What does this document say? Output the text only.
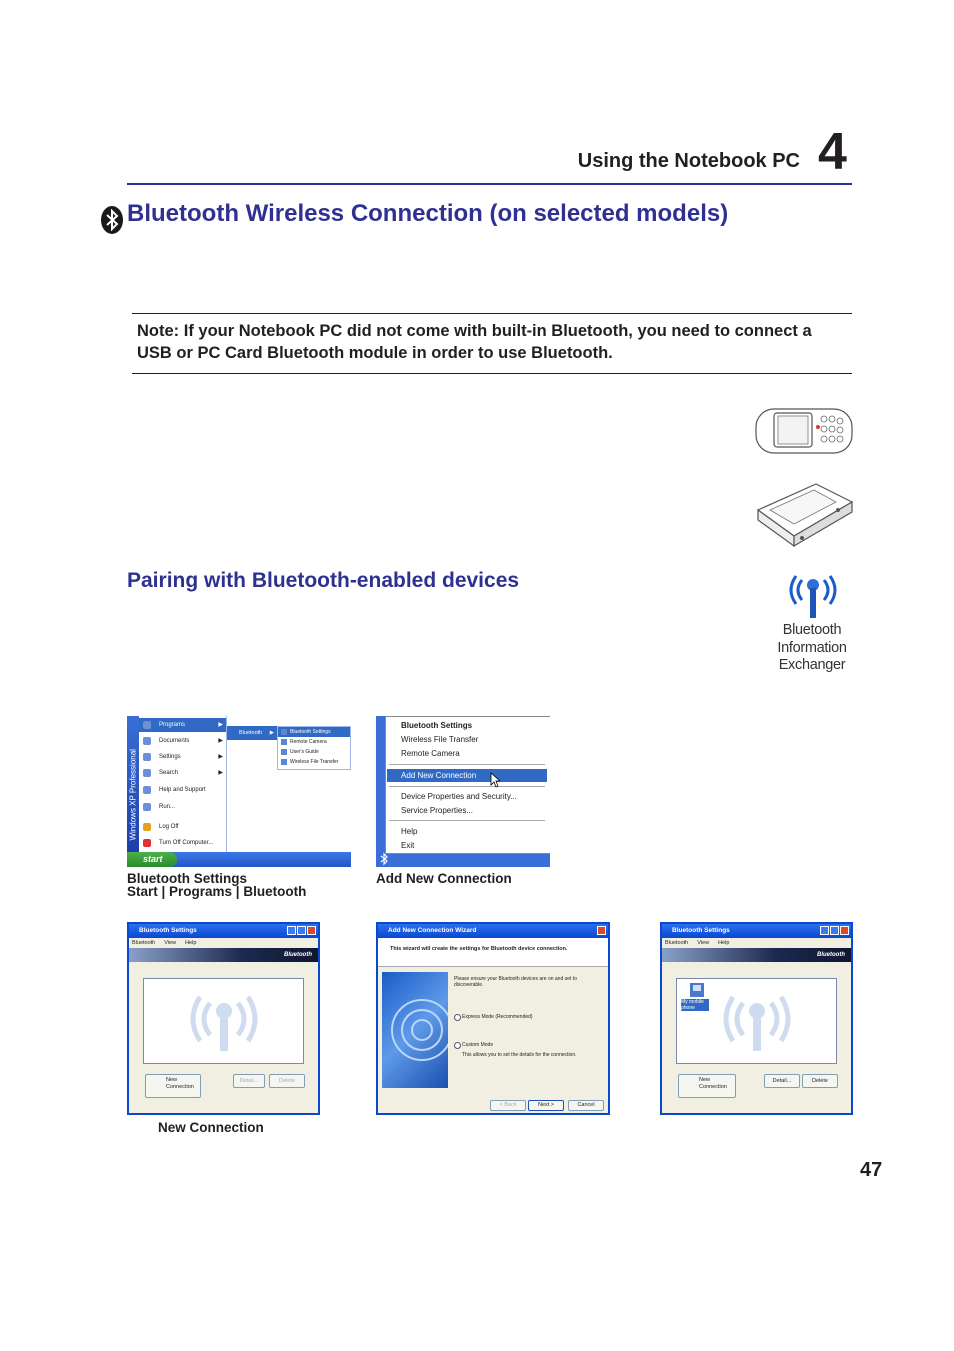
Using the Notebook PC 4
Bluetooth Wireless Connection (on selected models)
Note: If your Notebook PC did not come with built-in Bluetooth, you need to connect a USB or PC Card Bluetooth module in order to use Bluetooth.
Pairing with Bluetooth-enabled devices
Bluetooth
Information
Exchanger
Windows XP Professional
Programs	▶
Documents	▶
Settings	▶
Search	▶
Help and Support
Run...
Log Off
Turn Off Computer...
Bluetooth ▶	Bluetooth Settings
Remote Camera
User's Guide
Wireless File Transfer
start
Bluetooth Settings
Wireless File Transfer
Remote Camera
Add New Connection
Device Properties and Security...
Service Properties...
Help
Exit
Bluetooth Settings
Start | Programs | Bluetooth
Add New Connection
Bluetooth Settings
Bluetooth View Help
Bluetooth
New Connection
Detail...	Delete
Add New Connection Wizard
This wizard will create the settings for Bluetooth device connection.
Please ensure your Bluetooth devices are on and set to discoverable.
Express Mode (Recommended)
Custom Mode
This allows you to set the details for the connection.
< Back	Next >	Cancel
Bluetooth Settings
Bluetooth View Help
Bluetooth
My mobile phone
New Connection
Detail...	Delete
New Connection
47
